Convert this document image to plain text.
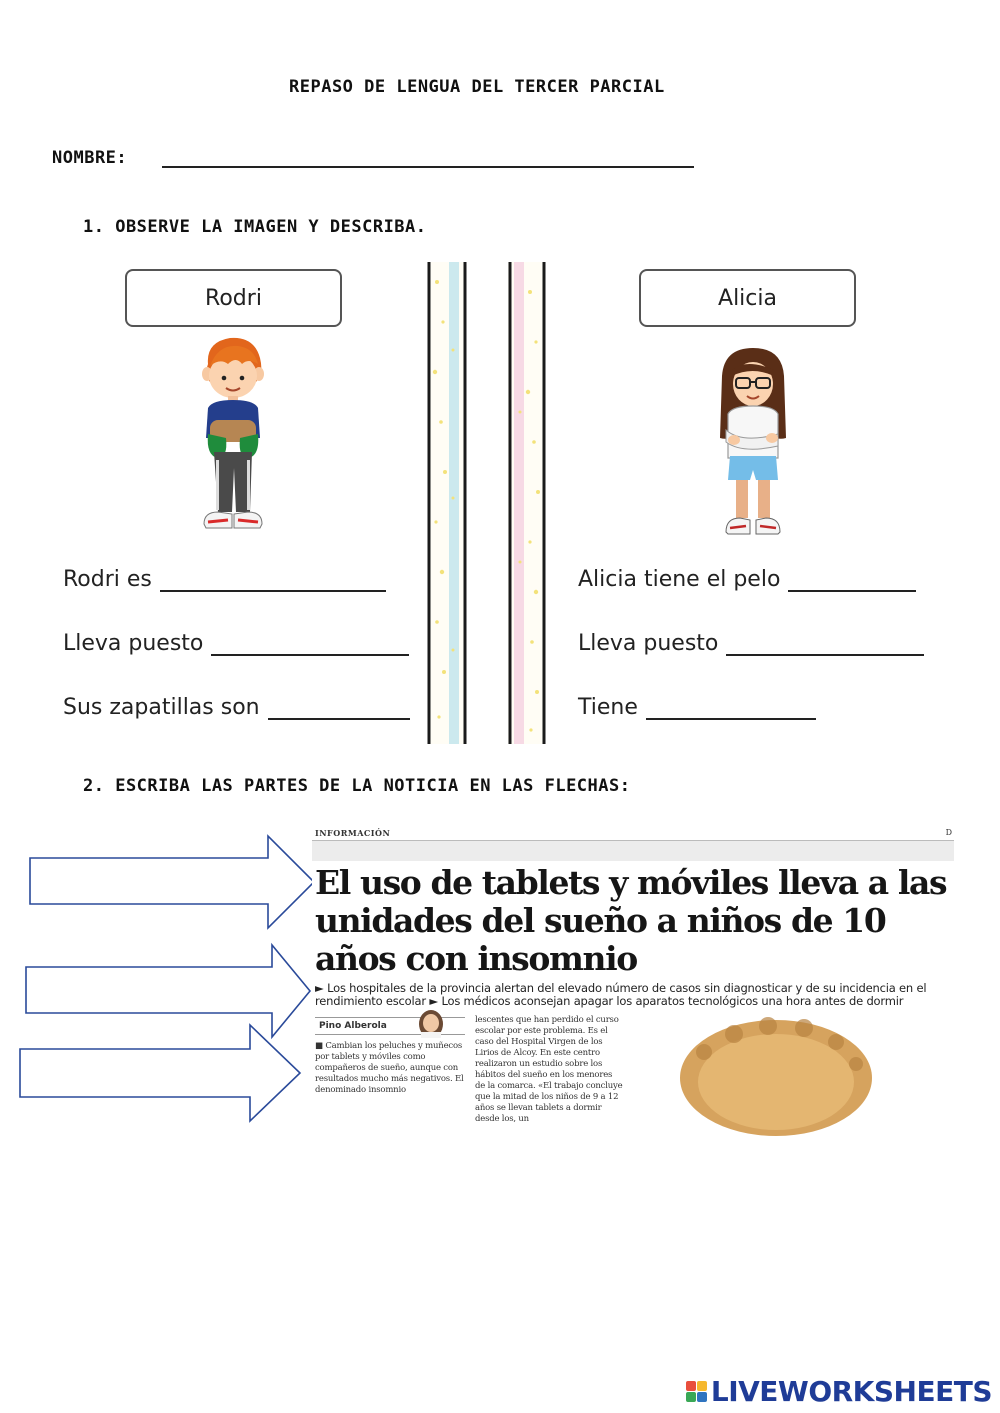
REPASO DE LENGUA DEL TERCER PARCIAL
NOMBRE:
1. OBSERVE LA IMAGEN Y DESCRIBA.
Rodri	Alicia
Rodri es
Lleva puesto
Sus zapatillas son
Alicia tiene el pelo
Lleva puesto
Tiene
2. ESCRIBA LAS PARTES DE LA NOTICIA EN LAS FLECHAS:
INFORMACIÓN	D
El uso de tablets y móviles lleva a las unidades del sueño a niños de 10 años con insomnio
► Los hospitales de la provincia alertan del elevado número de casos sin diagnosticar y de su incidencia en el rendimiento escolar ► Los médicos aconsejan apagar los aparatos tecnológicos una hora antes de dormir
Pino Alberola
■ Cambian los peluches y muñecos por tablets y móviles como compañeros de sueño, aunque con resultados mucho más negativos. El denominado insomnio
lescentes que han perdido el curso escolar por este problema. Es el caso del Hospital Virgen de los Lirios de Alcoy. En este centro realizaron un estudio sobre los hábitos del sueño en los menores de la comarca. «El trabajo concluye que la mitad de los niños de 9 a 12 años se llevan tablets a dormir desde los, un
LIVEWORKSHEETS
